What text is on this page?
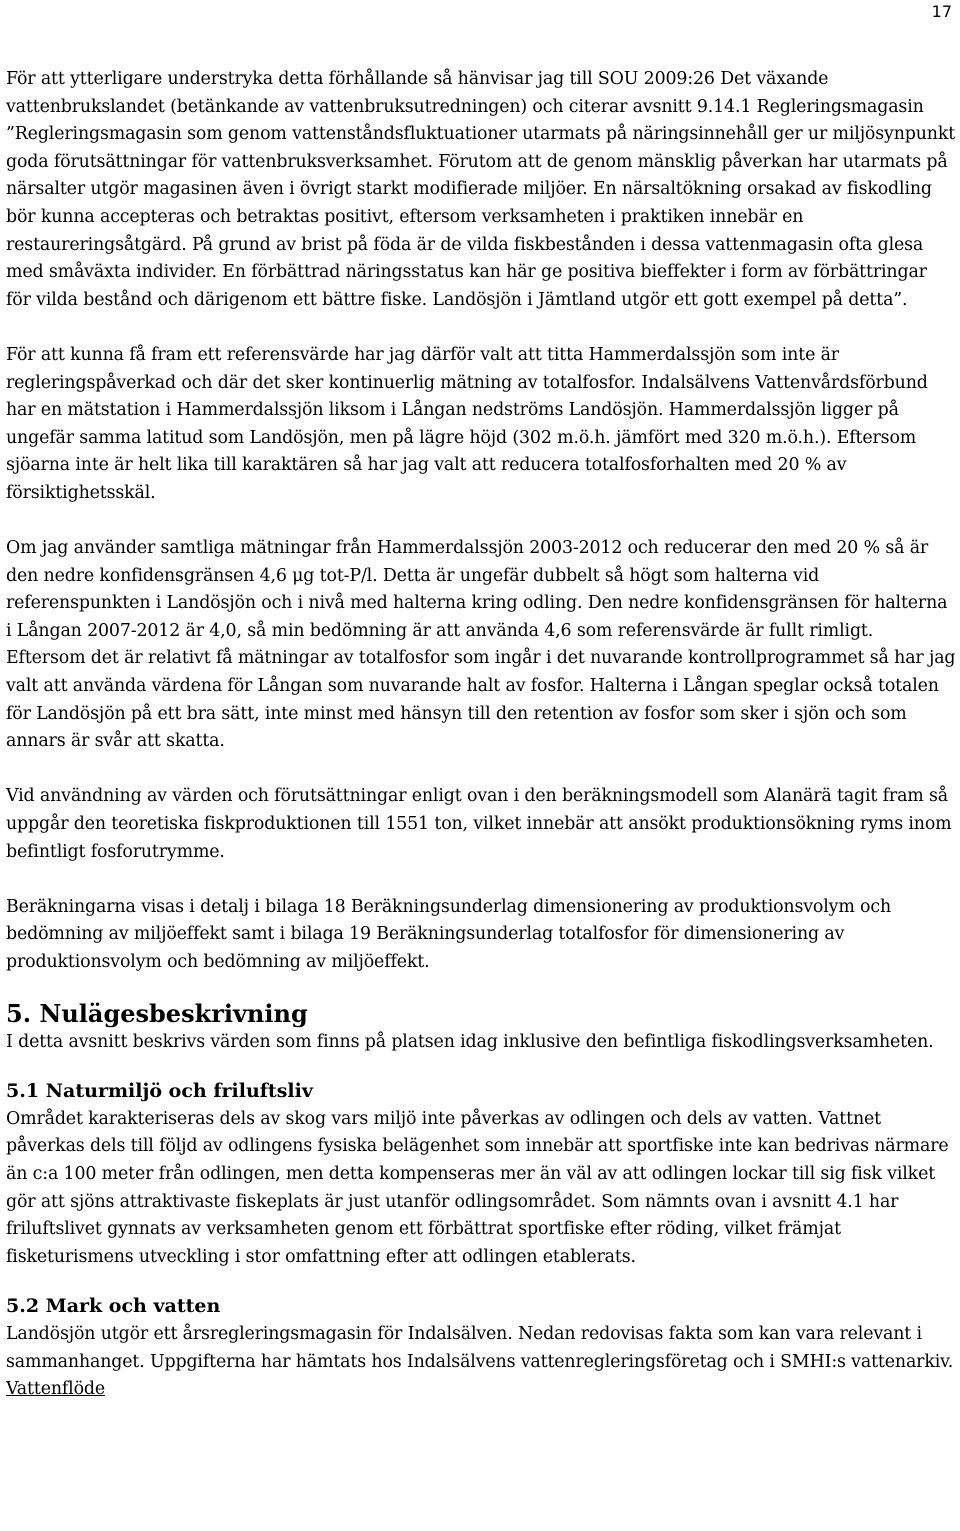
17

För att ytterligare understryka detta förhållande så hänvisar jag till SOU 2009:26 Det växande vattenbrukslandet (betänkande av vattenbruksutredningen) och citerar avsnitt 9.14.1 Regleringsmagasin ”Regleringsmagasin som genom vattenståndsfluktuationer utarmats på näringsinnehåll ger ur miljösynpunkt goda förutsättningar för vattenbruksverksamhet. Förutom att de genom mänsklig påverkan har utarmats på närsalter utgör magasinen även i övrigt starkt modifierade miljöer. En närsaltökning orsakad av fiskodling bör kunna accepteras och betraktas positivt, eftersom verksamheten i praktiken innebär en restaureringsåtgärd. På grund av brist på föda är de vilda fiskbestånden i dessa vattenmagasin ofta glesa med småväxta individer. En förbättrad näringsstatus kan här ge positiva bieffekter i form av förbättringar för vilda bestånd och därigenom ett bättre fiske. Landösjön i Jämtland utgör ett gott exempel på detta”.

För att kunna få fram ett referensvärde har jag därför valt att titta Hammerdalssjön som inte är regleringspåverkad och där det sker kontinuerlig mätning av totalfosfor. Indalsälvens Vattenvårdsförbund har en mätstation i Hammerdalssjön liksom i Långan nedströms Landösjön. Hammerdalssjön ligger på ungefär samma latitud som Landösjön, men på lägre höjd (302 m.ö.h. jämfört med 320 m.ö.h.). Eftersom sjöarna inte är helt lika till karaktären så har jag valt att reducera totalfosforhalten med 20 % av försiktighetsskäl.

Om jag använder samtliga mätningar från Hammerdalssjön 2003-2012 och reducerar den med 20 % så är den nedre konfidensgränsen 4,6 μg tot-P/l. Detta är ungefär dubbelt så högt som halterna vid referenspunkten i Landösjön och i nivå med halterna kring odling. Den nedre konfidensgränsen för halterna i Långan 2007-2012 är 4,0, så min bedömning är att använda 4,6 som referensvärde är fullt rimligt.

Eftersom det är relativt få mätningar av totalfosfor som ingår i det nuvarande kontrollprogrammet så har jag valt att använda värdena för Långan som nuvarande halt av fosfor. Halterna i Långan speglar också totalen för Landösjön på ett bra sätt, inte minst med hänsyn till den retention av fosfor som sker i sjön och som annars är svår att skatta.

Vid användning av värden och förutsättningar enligt ovan i den beräkningsmodell som Alanärä tagit fram så uppgår den teoretiska fiskproduktionen till 1551 ton, vilket innebär att ansökt produktionsökning ryms inom befintligt fosforutrymme.

Beräkningarna visas i detalj i bilaga 18 Beräkningsunderlag dimensionering av produktionsvolym och bedömning av miljöeffekt samt i bilaga 19 Beräkningsunderlag totalfosfor för dimensionering av produktionsvolym och bedömning av miljöeffekt.

5. Nulägesbeskrivning

I detta avsnitt beskrivs värden som finns på platsen idag inklusive den befintliga fiskodlingsverksamheten.

5.1 Naturmiljö och friluftsliv

Området karakteriseras dels av skog vars miljö inte påverkas av odlingen och dels av vatten. Vattnet påverkas dels till följd av odlingens fysiska belägenhet som innebär att sportfiske inte kan bedrivas närmare än c:a 100 meter från odlingen, men detta kompenseras mer än väl av att odlingen lockar till sig fisk vilket gör att sjöns attraktivaste fiskeplats är just utanför odlingsområdet. Som nämnts ovan i avsnitt 4.1 har friluftslivet gynnats av verksamheten genom ett förbättrat sportfiske efter röding, vilket främjat fisketurismens utveckling i stor omfattning efter att odlingen etablerats.

5.2 Mark och vatten

Landösjön utgör ett årsregleringsmagasin för Indalsälven. Nedan redovisas fakta som kan vara relevant i sammanhanget. Uppgifterna har hämtats hos Indalsälvens vattenregleringsföretag och i SMHI:s vattenarkiv.

Vattenflöde
